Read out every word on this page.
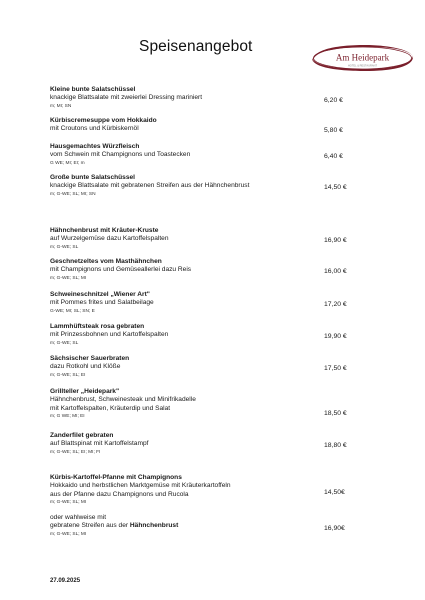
Speisenangebot
Am Heidepark
HOTEL & RESTAURANT
Kleine bunte Salatschüssel
knackige Blattsalate mit zweierlei Dressing mariniert
m; MI; SN
6,20 €
Kürbiscremesuppe vom Hokkaido
mit Croutons und Kürbiskernöl	5,80 €
Hausgemachtes Würzfleisch
vom Schwein mit Champignons und Toastecken
G WE; MI; EI; m
6,40 €
Große bunte Salatschüssel
knackige Blattsalate mit gebratenen Streifen aus der Hähnchenbrust
m; G-WE; SL; MI; SN
14,50 €
Hähnchenbrust mit Kräuter-Kruste
auf Wurzelgemüse dazu Kartoffelspalten
m; G-WE; SL
16,90 €
Geschnetzeltes vom Masthähnchen
mit Champignons und Gemüseallerlei dazu Reis
m; G-WE; SL; MI
16,00 €
Schweineschnitzel „Wiener Art"
mit Pommes frites und Salatbeilage
G-WE; MI; SL; SN; E
17,20 €
Lammhüftsteak rosa gebraten
mit Prinzessbohnen und Kartoffelspalten
m; G-WE; SL
19,90 €
Sächsischer Sauerbraten
dazu Rotkohl und Klöße
m; G-WE; SL; EI
17,50 €
Grillteller „Heidepark"
Hähnchenbrust, Schweinesteak und Minifrikadelle
mit Kartoffelspalten, Kräuterdip und Salat
m; G WE; MI; EI	18,50 €
Zanderfilet gebraten
auf Blattspinat mit Kartoffelstampf
m; G-WE; SL; EI; MI; FI
18,80 €
Kürbis-Kartoffel-Pfanne mit Champignons
Hokkaido und herbstlichen Marktgemüse mit Kräuterkartoffeln
aus der Pfanne dazu Champignons und Rucola
m; G-WE; SL; MI
14,50€
oder wahlweise mit
gebratene Streifen aus der Hähnchenbrust
m; G-WE; SL; MI
16,90€
27.09.2025
